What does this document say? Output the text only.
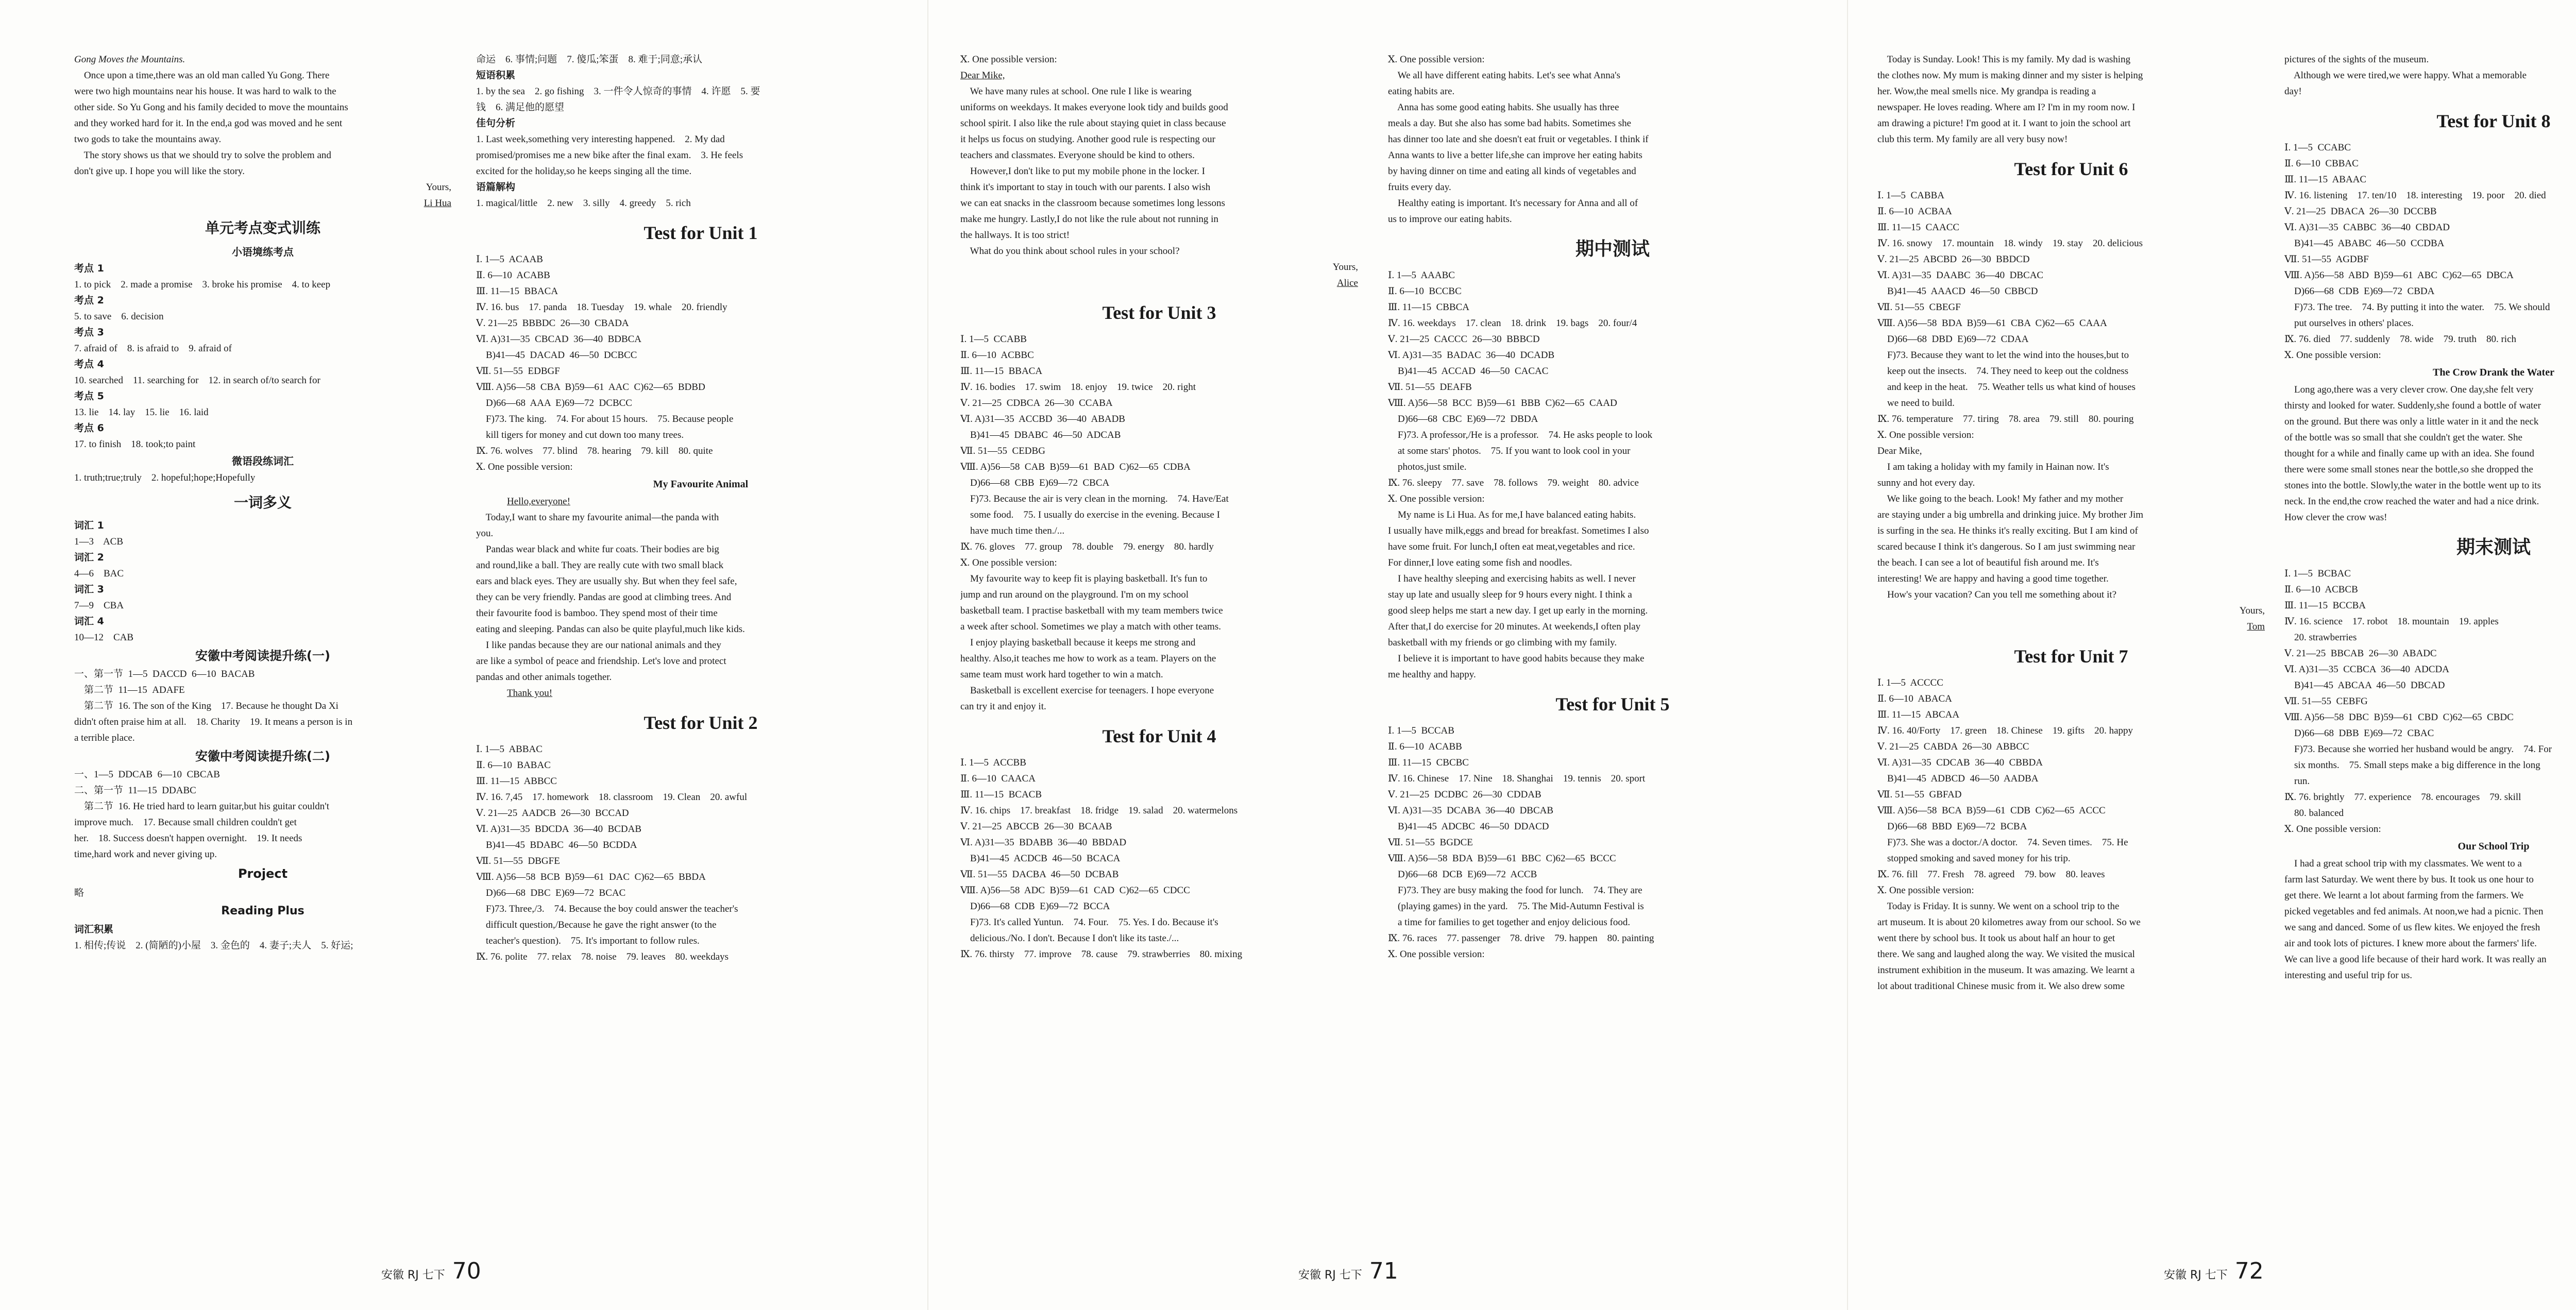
Gong Moves the Mountains.
Once upon a time,there was an old man called Yu Gong. There
were two high mountains near his house. It was hard to walk to the
other side. So Yu Gong and his family decided to move the mountains
and they worked hard for it. In the end,a god was moved and he sent
two gods to take the mountains away.
The story shows us that we should try to solve the problem and
don't give up. I hope you will like the story.
Yours,
Li Hua
单元考点变式训练
小语境练考点
考点 1
1. to pick    2. made a promise    3. broke his promise    4. to keep
考点 2
5. to save    6. decision
考点 3
7. afraid of    8. is afraid to    9. afraid of
考点 4
10. searched    11. searching for    12. in search of/to search for
考点 5
13. lie    14. lay    15. lie    16. laid
考点 6
17. to finish    18. took;to paint
微语段练词汇
1. truth;true;truly    2. hopeful;hope;Hopefully
一词多义
词汇 1
1—3    ACB
词汇 2
4—6    BAC
词汇 3
7—9    CBA
词汇 4
10—12    CAB
安徽中考阅读提升练(一)
一、第一节  1—5  DACCD  6—10  BACAB
第二节  11—15  ADAFE
第二节  16. The son of the King    17. Because he thought Da Xi
didn't often praise him at all.    18. Charity    19. It means a person is in
a terrible place.
安徽中考阅读提升练(二)
一、1—5  DDCAB  6—10  CBCAB
二、第一节  11—15  DDABC
第二节  16. He tried hard to learn guitar,but his guitar couldn't
improve much.    17. Because small children couldn't get
her.    18. Success doesn't happen overnight.    19. It needs
time,hard work and never giving up.
Project
略
Reading Plus
词汇积累
1. 相传;传说    2. (简陋的)小屋    3. 金色的    4. 妻子;夫人    5. 好运;
命运    6. 事情;问题    7. 傻瓜;笨蛋    8. 难于;同意;承认
短语积累
1. by the sea    2. go fishing    3. 一件令人惊奇的事情    4. 许愿    5. 要
钱    6. 满足他的愿望
佳句分析
1. Last week,something very interesting happened.    2. My dad
promised/promises me a new bike after the final exam.    3. He feels
excited for the holiday,so he keeps singing all the time.
语篇解构
1. magical/little    2. new    3. silly    4. greedy    5. rich
Test for Unit 1
Ⅰ. 1—5  ACAAB
Ⅱ. 6—10  ACABB
Ⅲ. 11—15  BBACA
Ⅳ. 16. bus    17. panda    18. Tuesday    19. whale    20. friendly
Ⅴ. 21—25  BBBDC  26—30  CBADA
Ⅵ. A)31—35  CBCAD  36—40  BDBCA
B)41—45  DACAD  46—50  DCBCC
Ⅶ. 51—55  EDBGF
Ⅷ. A)56—58  CBA  B)59—61  AAC  C)62—65  BDBD
D)66—68  AAA  E)69—72  DCBCC
F)73. The king.    74. For about 15 hours.    75. Because people
kill tigers for money and cut down too many trees.
Ⅸ. 76. wolves    77. blind    78. hearing    79. kill    80. quite
Ⅹ. One possible version:
My Favourite Animal
Hello,everyone!
Today,I want to share my favourite animal—the panda with
you.
Pandas wear black and white fur coats. Their bodies are big
and round,like a ball. They are really cute with two small black
ears and black eyes. They are usually shy. But when they feel safe,
they can be very friendly. Pandas are good at climbing trees. And
their favourite food is bamboo. They spend most of their time
eating and sleeping. Pandas can also be quite playful,much like kids.
I like pandas because they are our national animals and they
are like a symbol of peace and friendship. Let's love and protect
pandas and other animals together.
Thank you!
Test for Unit 2
Ⅰ. 1—5  ABBAC
Ⅱ. 6—10  BABAC
Ⅲ. 11—15  ABBCC
Ⅳ. 16. 7,45    17. homework    18. classroom    19. Clean    20. awful
Ⅴ. 21—25  AADCB  26—30  BCCAD
Ⅵ. A)31—35  BDCDA  36—40  BCDAB
B)41—45  BDABC  46—50  BCDDA
Ⅶ. 51—55  DBGFE
Ⅷ. A)56—58  BCB  B)59—61  DAC  C)62—65  BBDA
D)66—68  DBC  E)69—72  BCAC
F)73. Three,/3.    74. Because the boy could answer the teacher's
difficult question,/Because he gave the right answer (to the
teacher's question).    75. It's important to follow rules.
Ⅸ. 76. polite    77. relax    78. noise    79. leaves    80. weekdays
Ⅹ. One possible version:
Dear Mike,
We have many rules at school. One rule I like is wearing
uniforms on weekdays. It makes everyone look tidy and builds good
school spirit. I also like the rule about staying quiet in class because
it helps us focus on studying. Another good rule is respecting our
teachers and classmates. Everyone should be kind to others.
However,I don't like to put my mobile phone in the locker. I
think it's important to stay in touch with our parents. I also wish
we can eat snacks in the classroom because sometimes long lessons
make me hungry. Lastly,I do not like the rule about not running in
the hallways. It is too strict!
What do you think about school rules in your school?
Yours,
Alice
Test for Unit 3
Ⅰ. 1—5  CCABB
Ⅱ. 6—10  ACBBC
Ⅲ. 11—15  BBACA
Ⅳ. 16. bodies    17. swim    18. enjoy    19. twice    20. right
Ⅴ. 21—25  CDBCA  26—30  CCABA
Ⅵ. A)31—35  ACCBD  36—40  ABADB
B)41—45  DBABC  46—50  ADCAB
Ⅶ. 51—55  CEDBG
Ⅷ. A)56—58  CAB  B)59—61  BAD  C)62—65  CDBA
D)66—68  CBB  E)69—72  CBCA
F)73. Because the air is very clean in the morning.    74. Have/Eat
some food.    75. I usually do exercise in the evening. Because I
have much time then./...
Ⅸ. 76. gloves    77. group    78. double    79. energy    80. hardly
Ⅹ. One possible version:
My favourite way to keep fit is playing basketball. It's fun to
jump and run around on the playground. I'm on my school
basketball team. I practise basketball with my team members twice
a week after school. Sometimes we play a match with other teams.
I enjoy playing basketball because it keeps me strong and
healthy. Also,it teaches me how to work as a team. Players on the
same team must work hard together to win a match.
Basketball is excellent exercise for teenagers. I hope everyone
can try it and enjoy it.
Test for Unit 4
Ⅰ. 1—5  ACCBB
Ⅱ. 6—10  CAACA
Ⅲ. 11—15  BCACB
Ⅳ. 16. chips    17. breakfast    18. fridge    19. salad    20. watermelons
Ⅴ. 21—25  ABCCB  26—30  BCAAB
Ⅵ. A)31—35  BDABB  36—40  BBDAD
B)41—45  ACDCB  46—50  BCACA
Ⅶ. 51—55  DACBA  46—50  DCBAB
Ⅷ. A)56—58  ADC  B)59—61  CAD  C)62—65  CDCC
D)66—68  CDB  E)69—72  BCCA
F)73. It's called Yuntun.    74. Four.    75. Yes. I do. Because it's
delicious./No. I don't. Because I don't like its taste./...
Ⅸ. 76. thirsty    77. improve    78. cause    79. strawberries    80. mixing
Ⅹ. One possible version:
We all have different eating habits. Let's see what Anna's
eating habits are.
Anna has some good eating habits. She usually has three
meals a day. But she also has some bad habits. Sometimes she
has dinner too late and she doesn't eat fruit or vegetables. I think if
Anna wants to live a better life,she can improve her eating habits
by having dinner on time and eating all kinds of vegetables and
fruits every day.
Healthy eating is important. It's necessary for Anna and all of
us to improve our eating habits.
期中测试
Ⅰ. 1—5  AAABC
Ⅱ. 6—10  BCCBC
Ⅲ. 11—15  CBBCA
Ⅳ. 16. weekdays    17. clean    18. drink    19. bags    20. four/4
Ⅴ. 21—25  CACCC  26—30  BBBCD
Ⅵ. A)31—35  BADAC  36—40  DCADB
B)41—45  ACCAD  46—50  CACAC
Ⅶ. 51—55  DEAFB
Ⅷ. A)56—58  BCC  B)59—61  BBB  C)62—65  CAAD
D)66—68  CBC  E)69—72  DBDA
F)73. A professor,/He is a professor.    74. He asks people to look
at some stars' photos.    75. If you want to look cool in your
photos,just smile.
Ⅸ. 76. sleepy    77. save    78. follows    79. weight    80. advice
Ⅹ. One possible version:
My name is Li Hua. As for me,I have balanced eating habits.
I usually have milk,eggs and bread for breakfast. Sometimes I also
have some fruit. For lunch,I often eat meat,vegetables and rice.
For dinner,I love eating some fish and noodles.
I have healthy sleeping and exercising habits as well. I never
stay up late and usually sleep for 9 hours every night. I think a
good sleep helps me start a new day. I get up early in the morning.
After that,I do exercise for 20 minutes. At weekends,I often play
basketball with my friends or go climbing with my family.
I believe it is important to have good habits because they make
me healthy and happy.
Test for Unit 5
Ⅰ. 1—5  BCCAB
Ⅱ. 6—10  ACABB
Ⅲ. 11—15  CBCBC
Ⅳ. 16. Chinese    17. Nine    18. Shanghai    19. tennis    20. sport
Ⅴ. 21—25  DCDBC  26—30  CDDAB
Ⅵ. A)31—35  DCABA  36—40  DBCAB
B)41—45  ADCBC  46—50  DDACD
Ⅶ. 51—55  BGDCE
Ⅷ. A)56—58  BDA  B)59—61  BBC  C)62—65  BCCC
D)66—68  DCB  E)69—72  ACCB
F)73. They are busy making the food for lunch.    74. They are
(playing games) in the yard.    75. The Mid-Autumn Festival is
a time for families to get together and enjoy delicious food.
Ⅸ. 76. races    77. passenger    78. drive    79. happen    80. painting
Ⅹ. One possible version:
Today is Sunday. Look! This is my family. My dad is washing
the clothes now. My mum is making dinner and my sister is helping
her. Wow,the meal smells nice. My grandpa is reading a
newspaper. He loves reading. Where am I? I'm in my room now. I
am drawing a picture! I'm good at it. I want to join the school art
club this term. My family are all very busy now!
Test for Unit 6
Ⅰ. 1—5  CABBA
Ⅱ. 6—10  ACBAA
Ⅲ. 11—15  CAACC
Ⅳ. 16. snowy    17. mountain    18. windy    19. stay    20. delicious
Ⅴ. 21—25  ABCBD  26—30  BBDCD
Ⅵ. A)31—35  DAABC  36—40  DBCAC
B)41—45  AAACD  46—50  CBBCD
Ⅶ. 51—55  CBEGF
Ⅷ. A)56—58  BDA  B)59—61  CBA  C)62—65  CAAA
D)66—68  DBD  E)69—72  CDAA
F)73. Because they want to let the wind into the houses,but to
keep out the insects.    74. They need to keep out the coldness
and keep in the heat.    75. Weather tells us what kind of houses
we need to build.
Ⅸ. 76. temperature    77. tiring    78. area    79. still    80. pouring
Ⅹ. One possible version:
Dear Mike,
I am taking a holiday with my family in Hainan now. It's
sunny and hot every day.
We like going to the beach. Look! My father and my mother
are staying under a big umbrella and drinking juice. My brother Jim
is surfing in the sea. He thinks it's really exciting. But I am kind of
scared because I think it's dangerous. So I am just swimming near
the beach. I can see a lot of beautiful fish around me. It's
interesting! We are happy and having a good time together.
How's your vacation? Can you tell me something about it?
Yours,
Tom
Test for Unit 7
Ⅰ. 1—5  ACCCC
Ⅱ. 6—10  ABACA
Ⅲ. 11—15  ABCAA
Ⅳ. 16. 40/Forty    17. green    18. Chinese    19. gifts    20. happy
Ⅴ. 21—25  CABDA  26—30  ABBCC
Ⅵ. A)31—35  CDCAB  36—40  CBBDA
B)41—45  ADBCD  46—50  AADBA
Ⅶ. 51—55  GBFAD
Ⅷ. A)56—58  BCA  B)59—61  CDB  C)62—65  ACCC
D)66—68  BBD  E)69—72  BCBA
F)73. She was a doctor./A doctor.    74. Seven times.    75. He
stopped smoking and saved money for his trip.
Ⅸ. 76. fill    77. Fresh    78. agreed    79. bow    80. leaves
Ⅹ. One possible version:
Today is Friday. It is sunny. We went on a school trip to the
art museum. It is about 20 kilometres away from our school. So we
went there by school bus. It took us about half an hour to get
there. We sang and laughed along the way. We visited the musical
instrument exhibition in the museum. It was amazing. We learnt a
lot about traditional Chinese music from it. We also drew some
pictures of the sights of the museum.
Although we were tired,we were happy. What a memorable
day!
Test for Unit 8
Ⅰ. 1—5  CCABC
Ⅱ. 6—10  CBBAC
Ⅲ. 11—15  ABAAC
Ⅳ. 16. listening    17. ten/10    18. interesting    19. poor    20. died
Ⅴ. 21—25  DBACA  26—30  DCCBB
Ⅵ. A)31—35  CABBC  36—40  CBDAD
B)41—45  ABABC  46—50  CCDBA
Ⅶ. 51—55  AGDBF
Ⅷ. A)56—58  ABD  B)59—61  ABC  C)62—65  DBCA
D)66—68  CDB  E)69—72  CBDA
F)73. The tree.    74. By putting it into the water.    75. We should
put ourselves in others' places.
Ⅸ. 76. died    77. suddenly    78. wide    79. truth    80. rich
Ⅹ. One possible version:
The Crow Drank the Water
Long ago,there was a very clever crow. One day,she felt very
thirsty and looked for water. Suddenly,she found a bottle of water
on the ground. But there was only a little water in it and the neck
of the bottle was so small that she couldn't get the water. She
thought for a while and finally came up with an idea. She found
there were some small stones near the bottle,so she dropped the
stones into the bottle. Slowly,the water in the bottle went up to its
neck. In the end,the crow reached the water and had a nice drink.
How clever the crow was!
期末测试
Ⅰ. 1—5  BCBAC
Ⅱ. 6—10  ACBCB
Ⅲ. 11—15  BCCBA
Ⅳ. 16. science    17. robot    18. mountain    19. apples
20. strawberries
Ⅴ. 21—25  BBCAB  26—30  ABADC
Ⅵ. A)31—35  CCBCA  36—40  ADCDA
B)41—45  ABCAA  46—50  DBCAD
Ⅶ. 51—55  CEBFG
Ⅷ. A)56—58  DBC  B)59—61  CBD  C)62—65  CBDC
D)66—68  DBB  E)69—72  CBAC
F)73. Because she worried her husband would be angry.    74. For
six months.    75. Small steps make a big difference in the long
run.
Ⅸ. 76. brightly    77. experience    78. encourages    79. skill
80. balanced
Ⅹ. One possible version:
Our School Trip
I had a great school trip with my classmates. We went to a
farm last Saturday. We went there by bus. It took us one hour to
get there. We learnt a lot about farming from the farmers. We
picked vegetables and fed animals. At noon,we had a picnic. Then
we sang and danced. Some of us flew kites. We enjoyed the fresh
air and took lots of pictures. I knew more about the farmers' life.
We can live a good life because of their hard work. It was really an
interesting and useful trip for us.
安徽 RJ 七下 70	安徽 RJ 七下 71	安徽 RJ 七下 72
